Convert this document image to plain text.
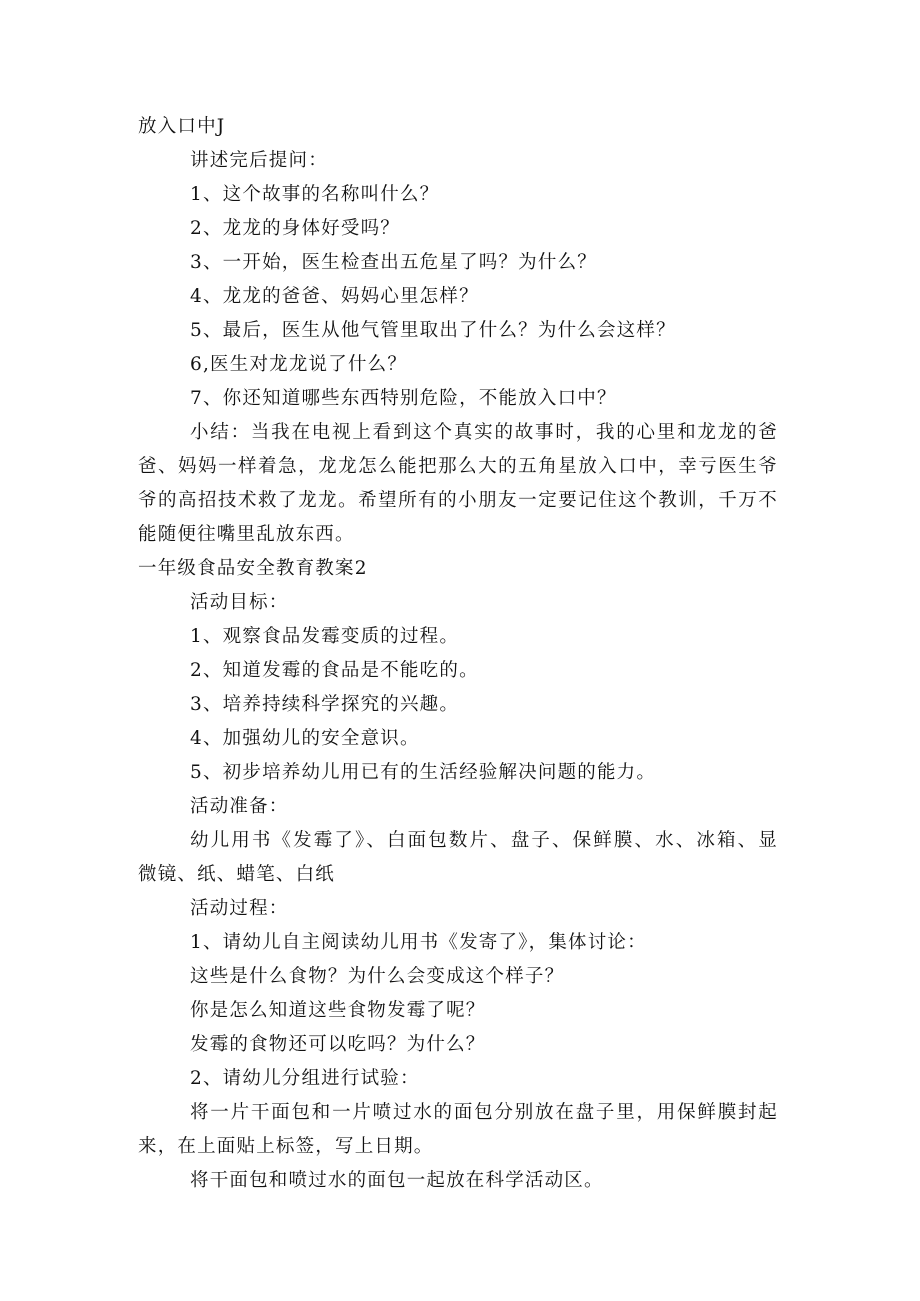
放入口中J
讲述完后提问：
1、这个故事的名称叫什么？
2、龙龙的身体好受吗？
3、一开始，医生检查出五危星了吗？为什么？
4、龙龙的爸爸、妈妈心里怎样？
5、最后，医生从他气管里取出了什么？为什么会这样？
6,医生对龙龙说了什么？
7、你还知道哪些东西特别危险，不能放入口中？
小结：当我在电视上看到这个真实的故事时，我的心里和龙龙的爸
爸、妈妈一样着急，龙龙怎么能把那么大的五角星放入口中，幸亏医生爷
爷的高招技术救了龙龙。希望所有的小朋友一定要记住这个教训，千万不
能随便往嘴里乱放东西。
一年级食品安全教育教案2
活动目标：
1、观察食品发霉变质的过程。
2、知道发霉的食品是不能吃的。
3、培养持续科学探究的兴趣。
4、加强幼儿的安全意识。
5、初步培养幼儿用已有的生活经验解决问题的能力。
活动准备：
幼儿用书《发霉了》、白面包数片、盘子、保鲜膜、水、冰箱、显
微镜、纸、蜡笔、白纸
活动过程：
1、请幼儿自主阅读幼儿用书《发寄了》，集体讨论：
这些是什么食物？为什么会变成这个样子？
你是怎么知道这些食物发霉了呢？
发霉的食物还可以吃吗？为什么？
2、请幼儿分组进行试验：
将一片干面包和一片喷过水的面包分别放在盘子里，用保鲜膜封起
来，在上面贴上标签，写上日期。
将干面包和喷过水的面包一起放在科学活动区。
